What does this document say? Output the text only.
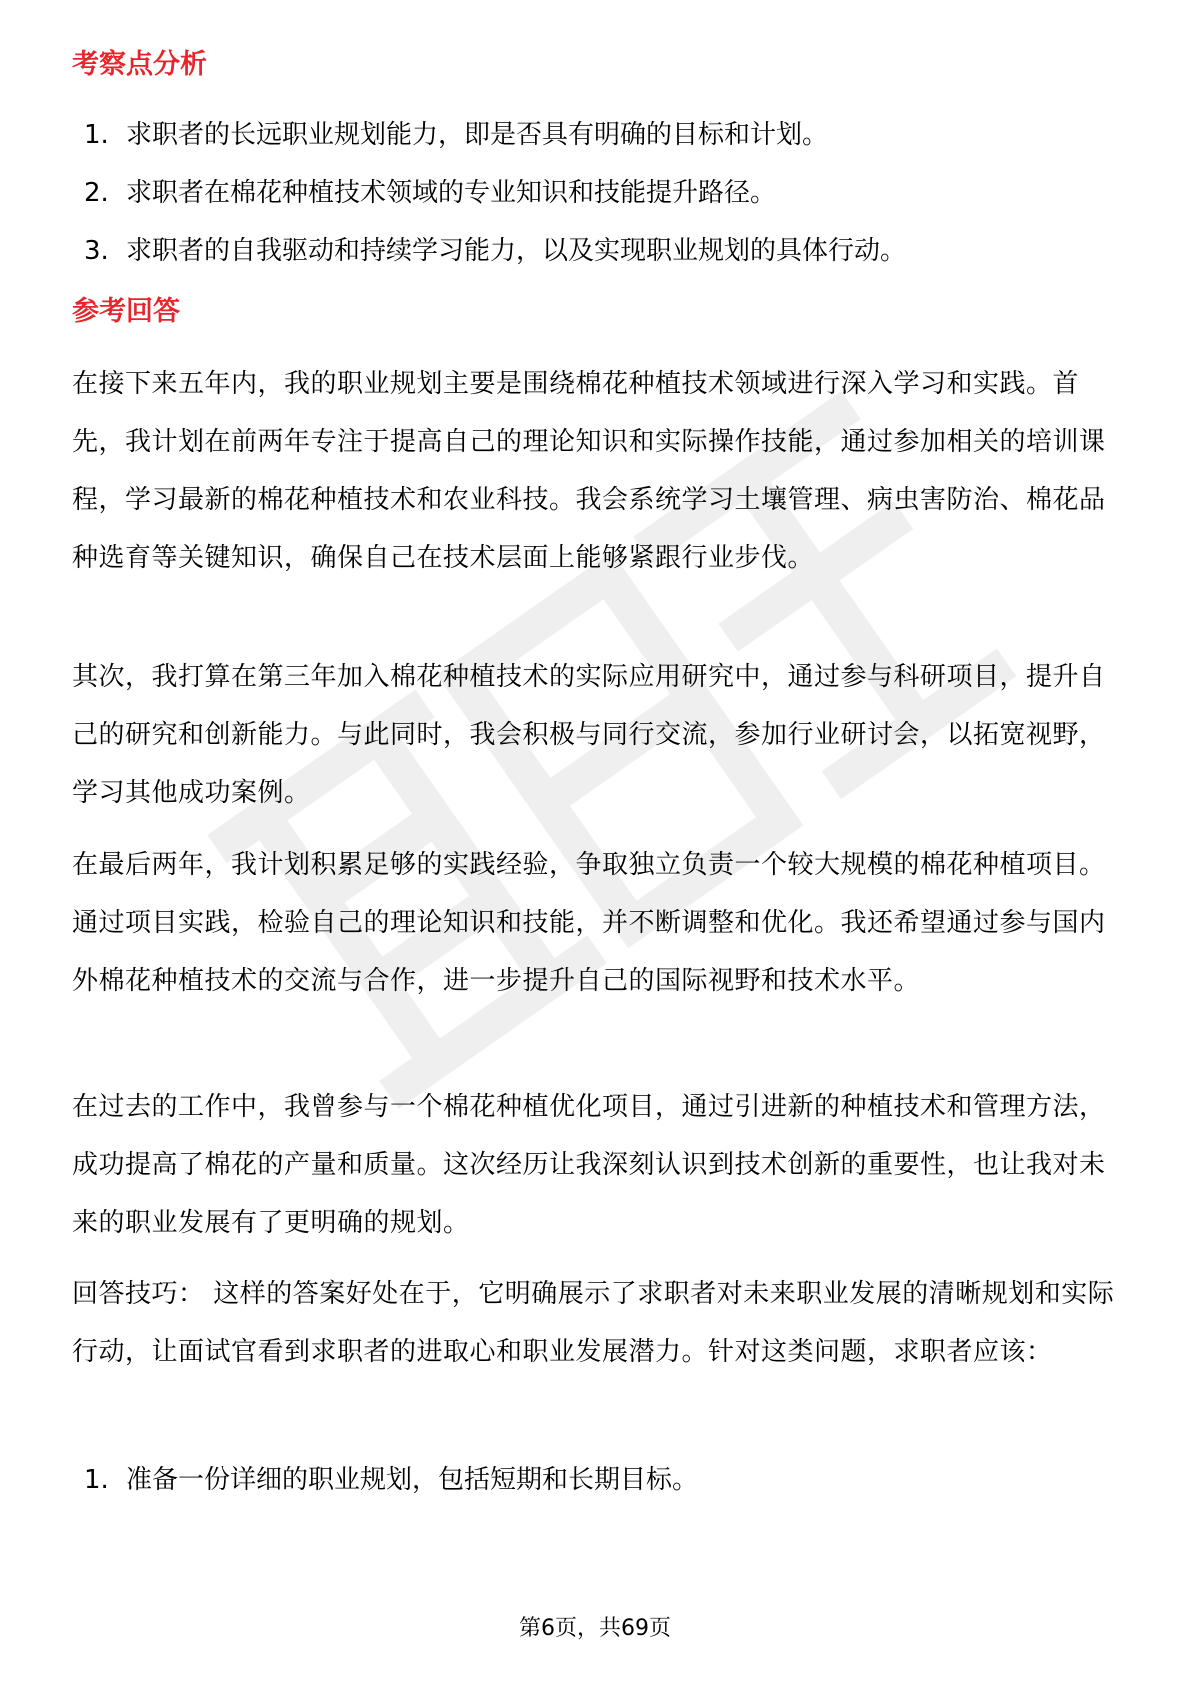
考察点分析
1. 求职者的长远职业规划能力，即是否具有明确的目标和计划。
2. 求职者在棉花种植技术领域的专业知识和技能提升路径。
3. 求职者的自我驱动和持续学习能力，以及实现职业规划的具体行动。
参考回答

在接下来五年内，我的职业规划主要是围绕棉花种植技术领域进行深入学习和实践。首先，我计划在前两年专注于提高自己的理论知识和实际操作技能，通过参加相关的培训课程，学习最新的棉花种植技术和农业科技。我会系统学习土壤管理、病虫害防治、棉花品种选育等关键知识，确保自己在技术层面上能够紧跟行业步伐。

其次，我打算在第三年加入棉花种植技术的实际应用研究中，通过参与科研项目，提升自己的研究和创新能力。与此同时，我会积极与同行交流，参加行业研讨会，以拓宽视野，学习其他成功案例。

在最后两年，我计划积累足够的实践经验，争取独立负责一个较大规模的棉花种植项目。通过项目实践，检验自己的理论知识和技能，并不断调整和优化。我还希望通过参与国内外棉花种植技术的交流与合作，进一步提升自己的国际视野和技术水平。

在过去的工作中，我曾参与一个棉花种植优化项目，通过引进新的种植技术和管理方法，成功提高了棉花的产量和质量。这次经历让我深刻认识到技术创新的重要性，也让我对未来的职业发展有了更明确的规划。

回答技巧： 这样的答案好处在于，它明确展示了求职者对未来职业发展的清晰规划和实际行动，让面试官看到求职者的进取心和职业发展潜力。针对这类问题，求职者应该：

1. 准备一份详细的职业规划，包括短期和长期目标。
第6页，共69页
